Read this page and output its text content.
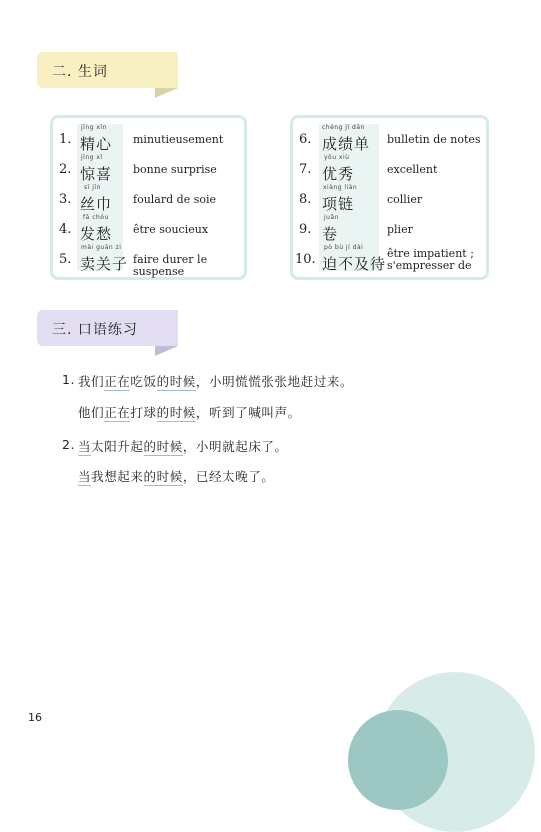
二. 生词
1.
jīng xīn
精心 minutieusement
2.
jīng xǐ
惊喜 bonne surprise
3.
sī jīn
丝巾 foulard de soie
4.
fā chóu
发愁 être soucieux
5.
mài guān zi
卖关子 faire durer le suspense
6.
chéng jì dān
成绩单 bulletin de notes
7.
yōu xiù
优秀	excellent
8.
xiàng liàn
项链	collier
9.
juǎn
卷	plier
10.
pò bù jí dài
迫不及待
être impatient ;
s'empresser de
三. 口语练习
1. 我们正在吃饭的时候，小明慌慌张张地赶过来。
他们正在打球的时候，听到了喊叫声。
2. 当太阳升起的时候，小明就起床了。
当我想起来的时候，已经太晚了。
16
